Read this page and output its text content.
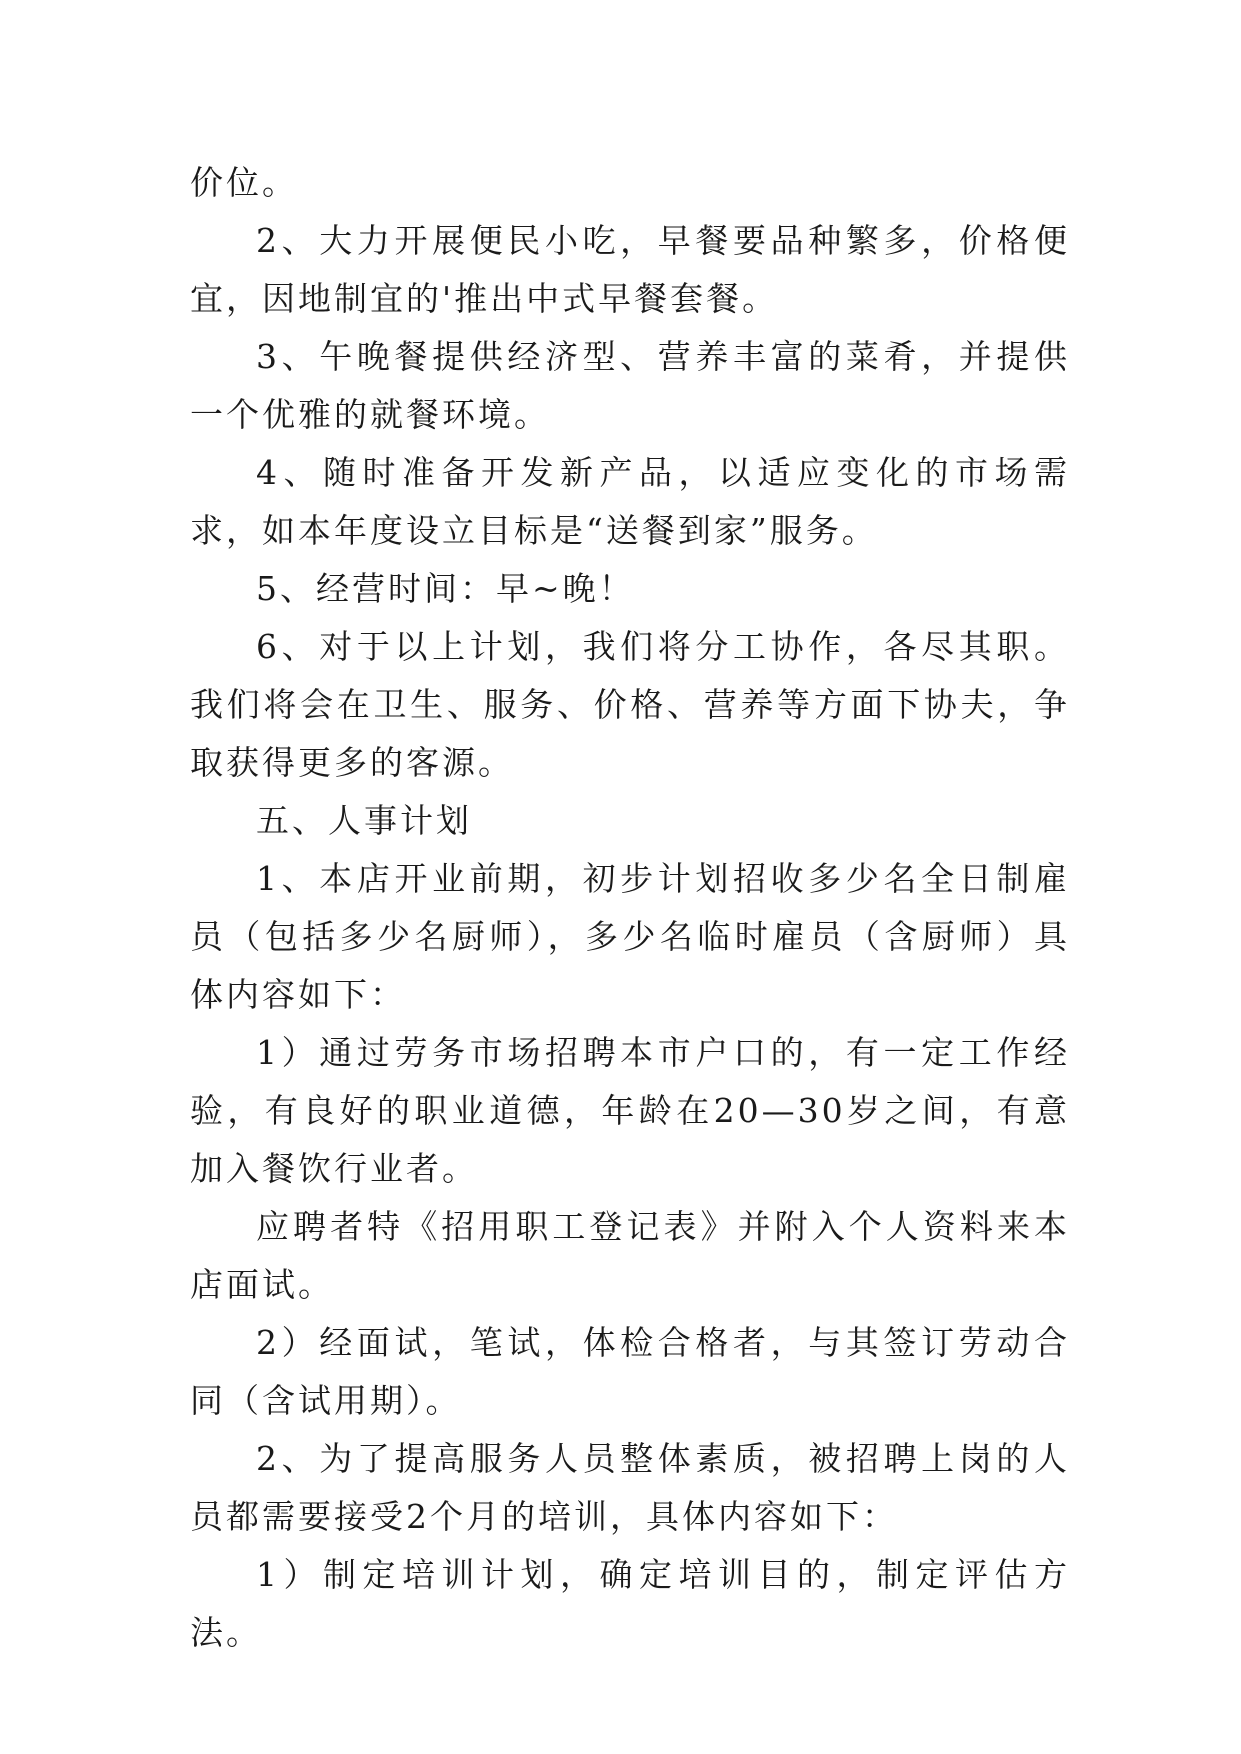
价位。

2、大力开展便民小吃，早餐要品种繁多，价格便宜，因地制宜的'推出中式早餐套餐。

3、午晚餐提供经济型、营养丰富的菜肴，并提供一个优雅的就餐环境。

4、随时准备开发新产品，以适应变化的市场需求，如本年度设立目标是“送餐到家”服务。

5、经营时间：早~晚！

6、对于以上计划，我们将分工协作，各尽其职。我们将会在卫生、服务、价格、营养等方面下协夫，争取获得更多的客源。

五、人事计划

1、本店开业前期，初步计划招收多少名全日制雇员（包括多少名厨师），多少名临时雇员（含厨师）具体内容如下：

1）通过劳务市场招聘本市户口的，有一定工作经验，有良好的职业道德，年龄在20—30岁之间，有意加入餐饮行业者。

应聘者特《招用职工登记表》并附入个人资料来本店面试。

2）经面试，笔试，体检合格者，与其签订劳动合同（含试用期）。

2、为了提高服务人员整体素质，被招聘上岗的人员都需要接受2个月的培训，具体内容如下：

1）制定培训计划，确定培训目的，制定评估方法。
